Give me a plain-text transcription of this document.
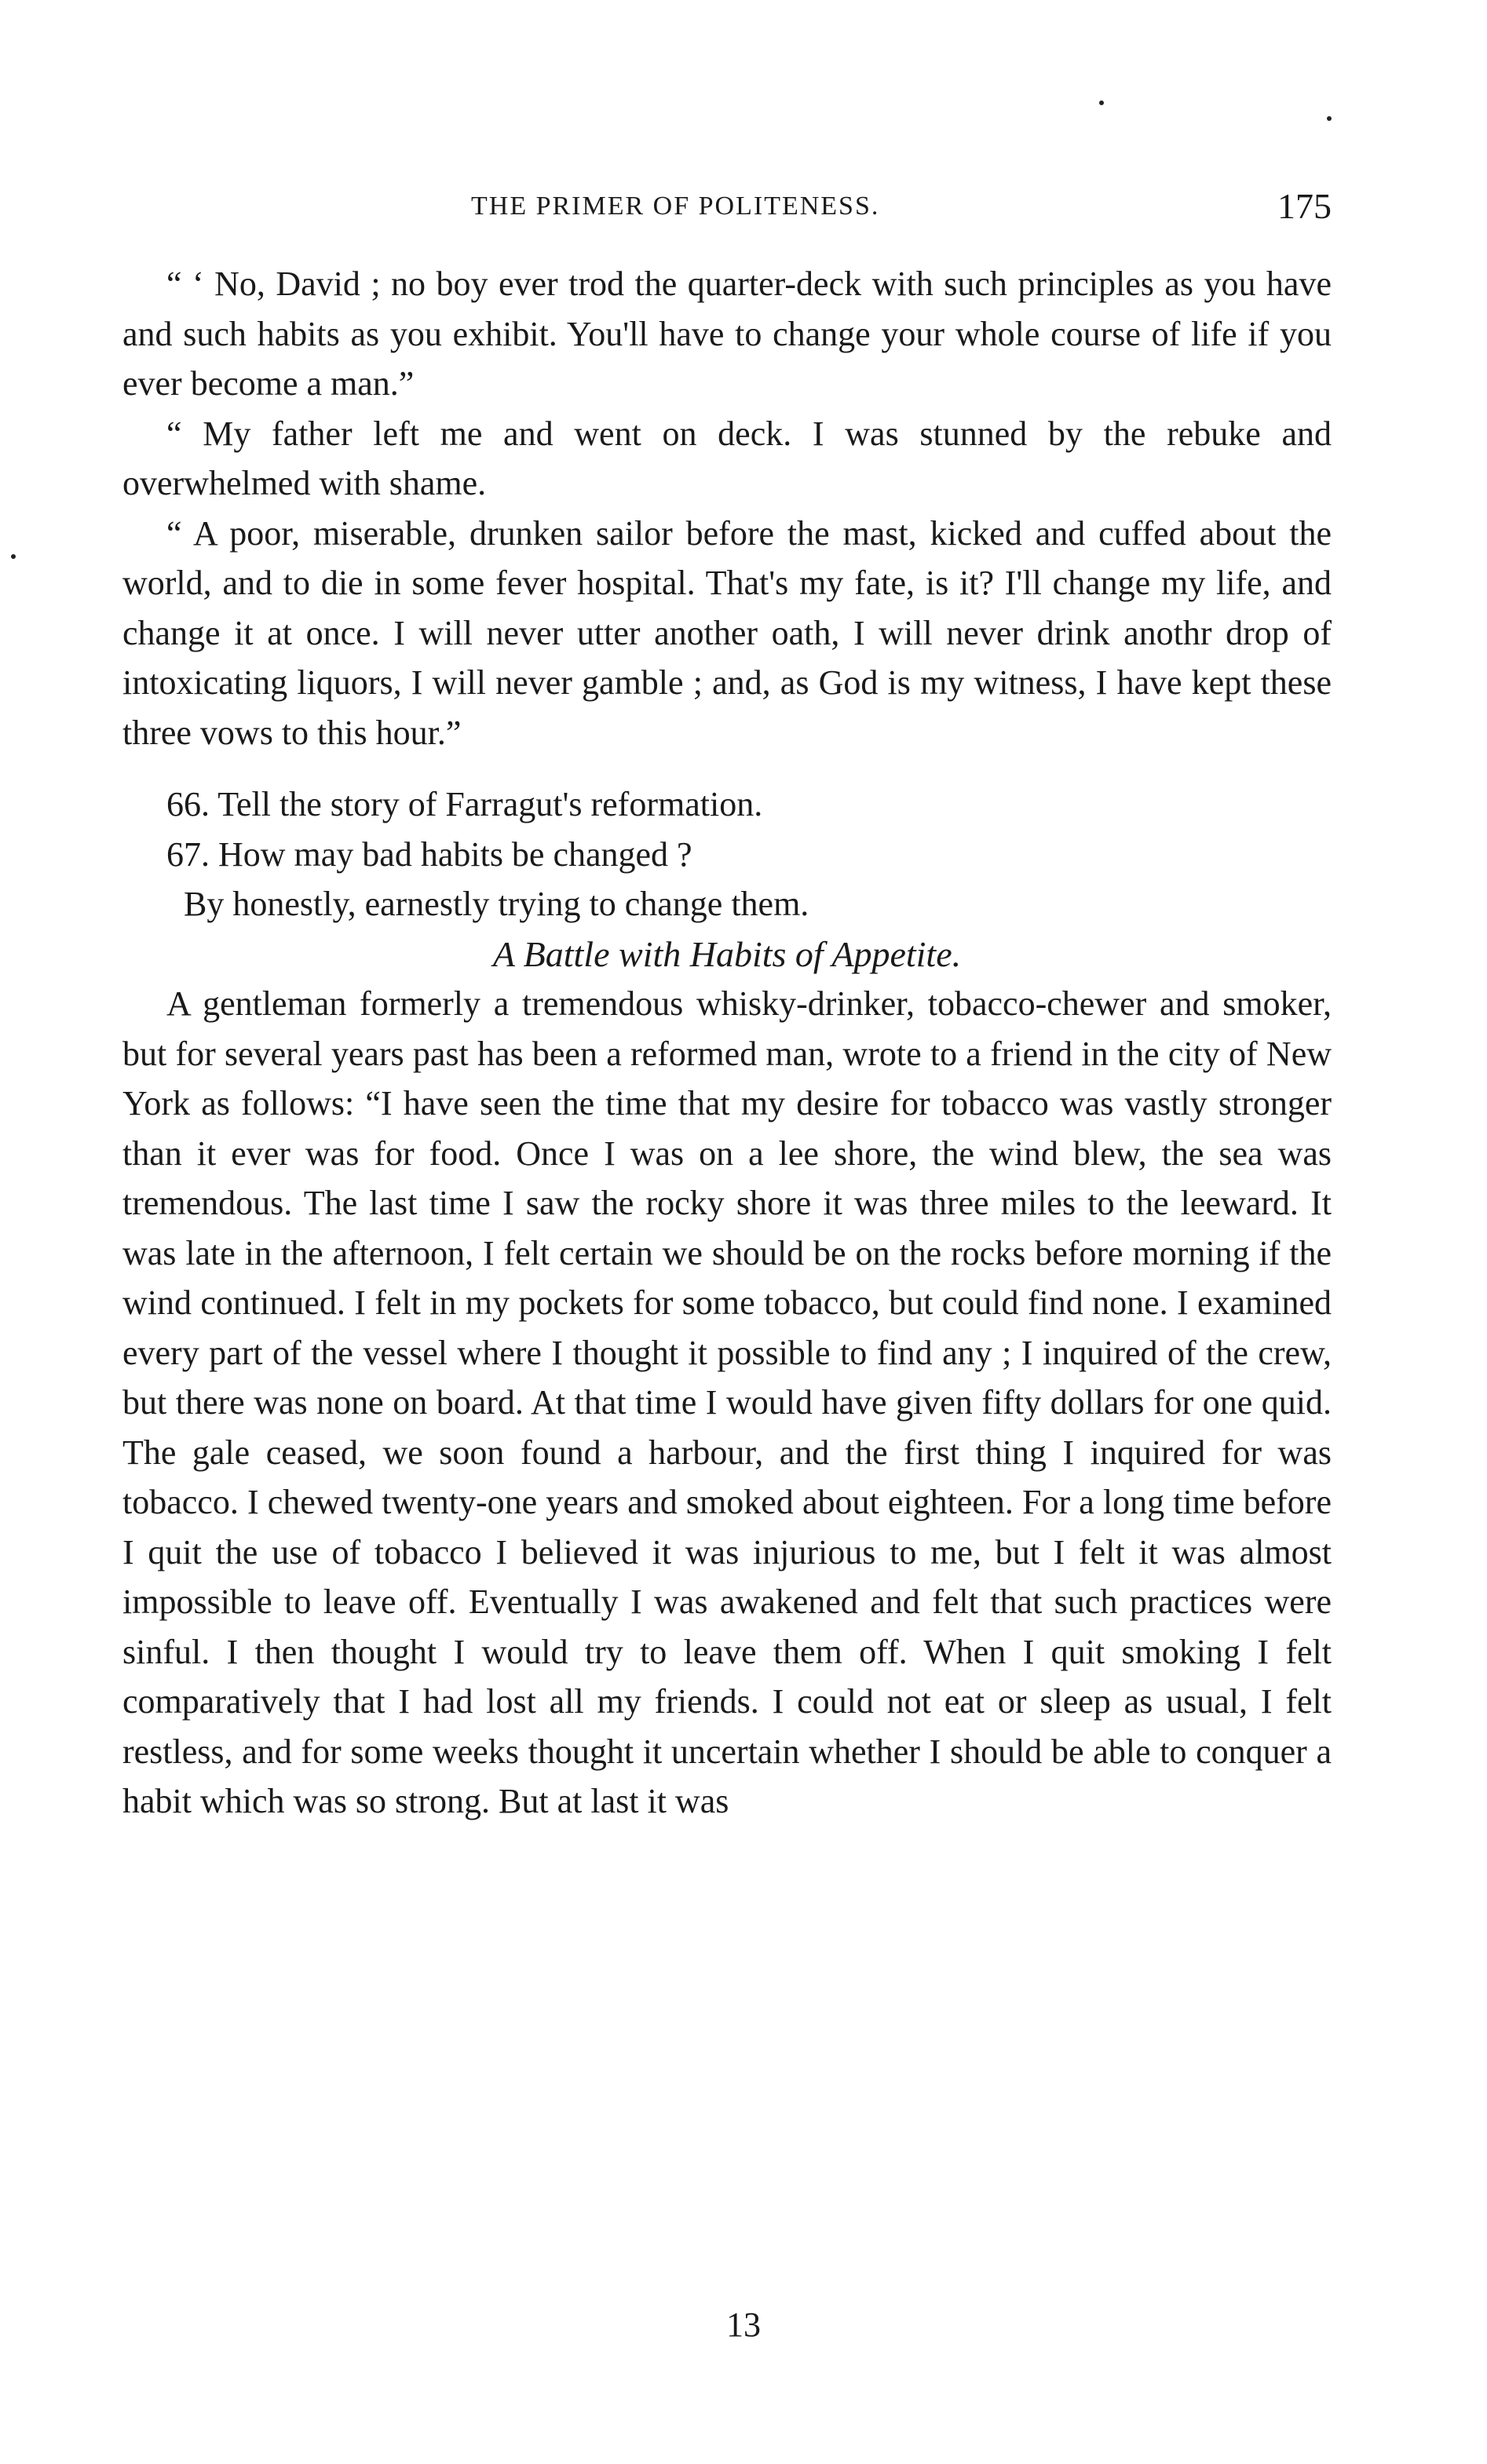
THE PRIMER OF POLITENESS.	175

“ ‘ No, David ; no boy ever trod the quarter-deck with such principles as you have and such habits as you exhibit. You'll have to change your whole course of life if you ever become a man.”

“ My father left me and went on deck. I was stunned by the rebuke and overwhelmed with shame.

“ A poor, miserable, drunken sailor before the mast, kicked and cuffed about the world, and to die in some fever hospital. That's my fate, is it? I'll change my life, and change it at once. I will never utter another oath, I will never drink anothr drop of intoxicating liquors, I will never gamble ; and, as God is my witness, I have kept these three vows to this hour.”

66. Tell the story of Farragut's reformation.

67. How may bad habits be changed ?

By honestly, earnestly trying to change them.

A Battle with Habits of Appetite.

A gentleman formerly a tremendous whisky-drinker, tobacco-chewer and smoker, but for several years past has been a reformed man, wrote to a friend in the city of New York as follows: “I have seen the time that my desire for tobacco was vastly stronger than it ever was for food. Once I was on a lee shore, the wind blew, the sea was tremendous. The last time I saw the rocky shore it was three miles to the leeward. It was late in the afternoon, I felt certain we should be on the rocks before morning if the wind continued. I felt in my pockets for some tobacco, but could find none. I examined every part of the vessel where I thought it possible to find any ; I inquired of the crew, but there was none on board. At that time I would have given fifty dollars for one quid. The gale ceased, we soon found a harbour, and the first thing I inquired for was tobacco. I chewed twenty-one years and smoked about eighteen. For a long time before I quit the use of tobacco I believed it was injurious to me, but I felt it was almost impossible to leave off. Eventually I was awakened and felt that such practices were sinful. I then thought I would try to leave them off. When I quit smoking I felt comparatively that I had lost all my friends. I could not eat or sleep as usual, I felt restless, and for some weeks thought it uncertain whether I should be able to conquer a habit which was so strong. But at last it was

13
